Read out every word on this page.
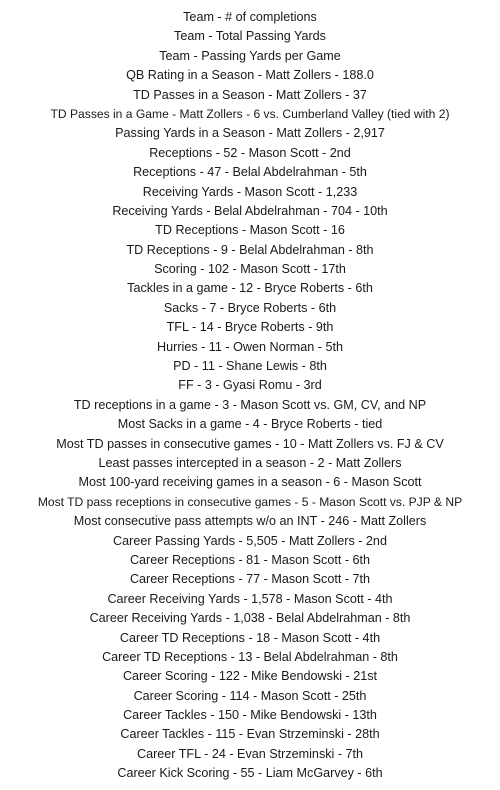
Team - # of completions
Team - Total Passing Yards
Team - Passing Yards per Game
QB Rating in a Season - Matt Zollers - 188.0
TD Passes in a Season - Matt Zollers - 37
TD Passes in a Game - Matt Zollers - 6 vs. Cumberland Valley (tied with 2)
Passing Yards in a Season - Matt Zollers - 2,917
Receptions - 52 - Mason Scott - 2nd
Receptions - 47 - Belal Abdelrahman - 5th
Receiving Yards - Mason Scott - 1,233
Receiving Yards - Belal Abdelrahman - 704 - 10th
TD Receptions - Mason Scott - 16
TD Receptions - 9 - Belal Abdelrahman - 8th
Scoring - 102 - Mason Scott - 17th
Tackles in a game - 12 - Bryce Roberts - 6th
Sacks - 7 - Bryce Roberts - 6th
TFL - 14 - Bryce Roberts - 9th
Hurries - 11 - Owen Norman - 5th
PD - 11 - Shane Lewis - 8th
FF - 3 - Gyasi Romu - 3rd
TD receptions in a game - 3 - Mason Scott vs. GM, CV, and NP
Most Sacks in a game - 4 - Bryce Roberts - tied
Most TD passes in consecutive games - 10 - Matt Zollers vs. FJ & CV
Least passes intercepted in a season - 2 - Matt Zollers
Most 100-yard receiving games in a season - 6 - Mason Scott
Most TD pass receptions in consecutive games - 5 - Mason Scott vs. PJP & NP
Most consecutive pass attempts w/o an INT - 246 - Matt Zollers
Career Passing Yards - 5,505 - Matt Zollers - 2nd
Career Receptions - 81 - Mason Scott - 6th
Career Receptions - 77 - Mason Scott - 7th
Career Receiving Yards - 1,578 - Mason Scott - 4th
Career Receiving Yards - 1,038 - Belal Abdelrahman - 8th
Career TD Receptions - 18 - Mason Scott - 4th
Career TD Receptions - 13 - Belal Abdelrahman - 8th
Career Scoring - 122 - Mike Bendowski - 21st
Career Scoring - 114 - Mason Scott - 25th
Career Tackles - 150 - Mike Bendowski - 13th
Career Tackles - 115 - Evan Strzeminski - 28th
Career TFL - 24 - Evan Strzeminski - 7th
Career Kick Scoring - 55 - Liam McGarvey - 6th
